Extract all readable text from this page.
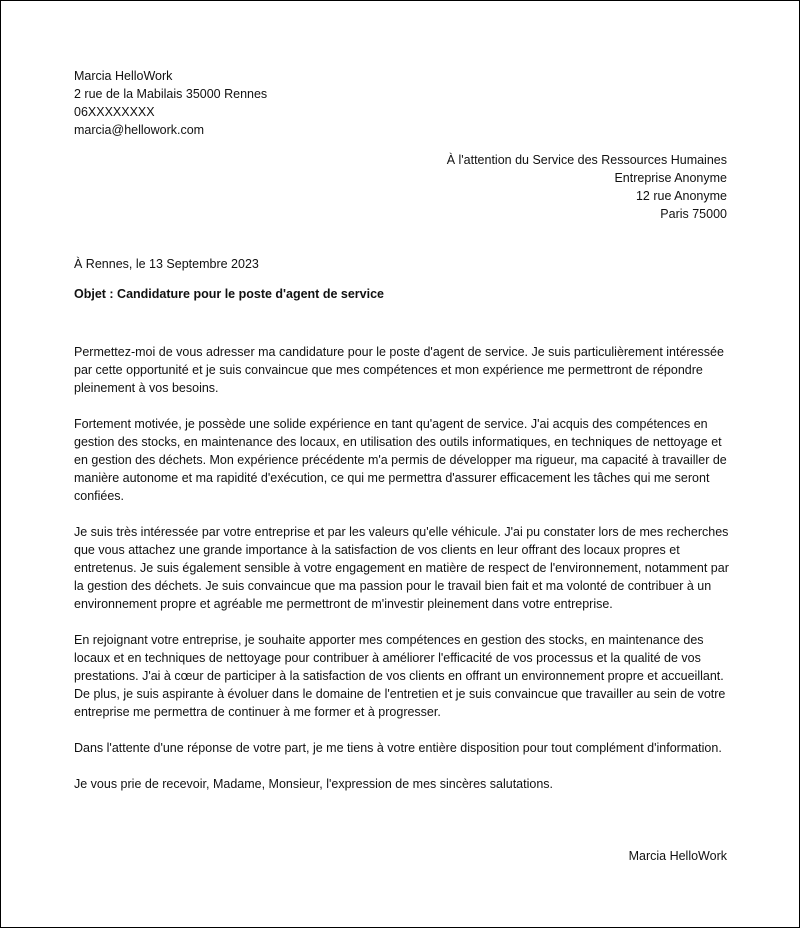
Marcia HelloWork
2 rue de la Mabilais 35000 Rennes
06XXXXXXXX
marcia@hellowork.com
À l'attention du Service des Ressources Humaines
Entreprise Anonyme
12 rue Anonyme
Paris 75000
À Rennes, le 13 Septembre 2023
Objet : Candidature pour le poste d'agent de service

Permettez-moi de vous adresser ma candidature pour le poste d'agent de service. Je suis particulièrement intéressée par cette opportunité et je suis convaincue que mes compétences et mon expérience me permettront de répondre pleinement à vos besoins.

Fortement motivée, je possède une solide expérience en tant qu'agent de service. J'ai acquis des compétences en gestion des stocks, en maintenance des locaux, en utilisation des outils informatiques, en techniques de nettoyage et en gestion des déchets. Mon expérience précédente m'a permis de développer ma rigueur, ma capacité à travailler de manière autonome et ma rapidité d'exécution, ce qui me permettra d'assurer efficacement les tâches qui me seront confiées.

Je suis très intéressée par votre entreprise et par les valeurs qu'elle véhicule. J'ai pu constater lors de mes recherches que vous attachez une grande importance à la satisfaction de vos clients en leur offrant des locaux propres et entretenus. Je suis également sensible à votre engagement en matière de respect de l'environnement, notamment par la gestion des déchets. Je suis convaincue que ma passion pour le travail bien fait et ma volonté de contribuer à un environnement propre et agréable me permettront de m'investir pleinement dans votre entreprise.

En rejoignant votre entreprise, je souhaite apporter mes compétences en gestion des stocks, en maintenance des locaux et en techniques de nettoyage pour contribuer à améliorer l'efficacité de vos processus et la qualité de vos prestations. J'ai à cœur de participer à la satisfaction de vos clients en offrant un environnement propre et accueillant. De plus, je suis aspirante à évoluer dans le domaine de l'entretien et je suis convaincue que travailler au sein de votre entreprise me permettra de continuer à me former et à progresser.

Dans l'attente d'une réponse de votre part, je me tiens à votre entière disposition pour tout complément d'information.

Je vous prie de recevoir, Madame, Monsieur, l'expression de mes sincères salutations.

Marcia HelloWork
